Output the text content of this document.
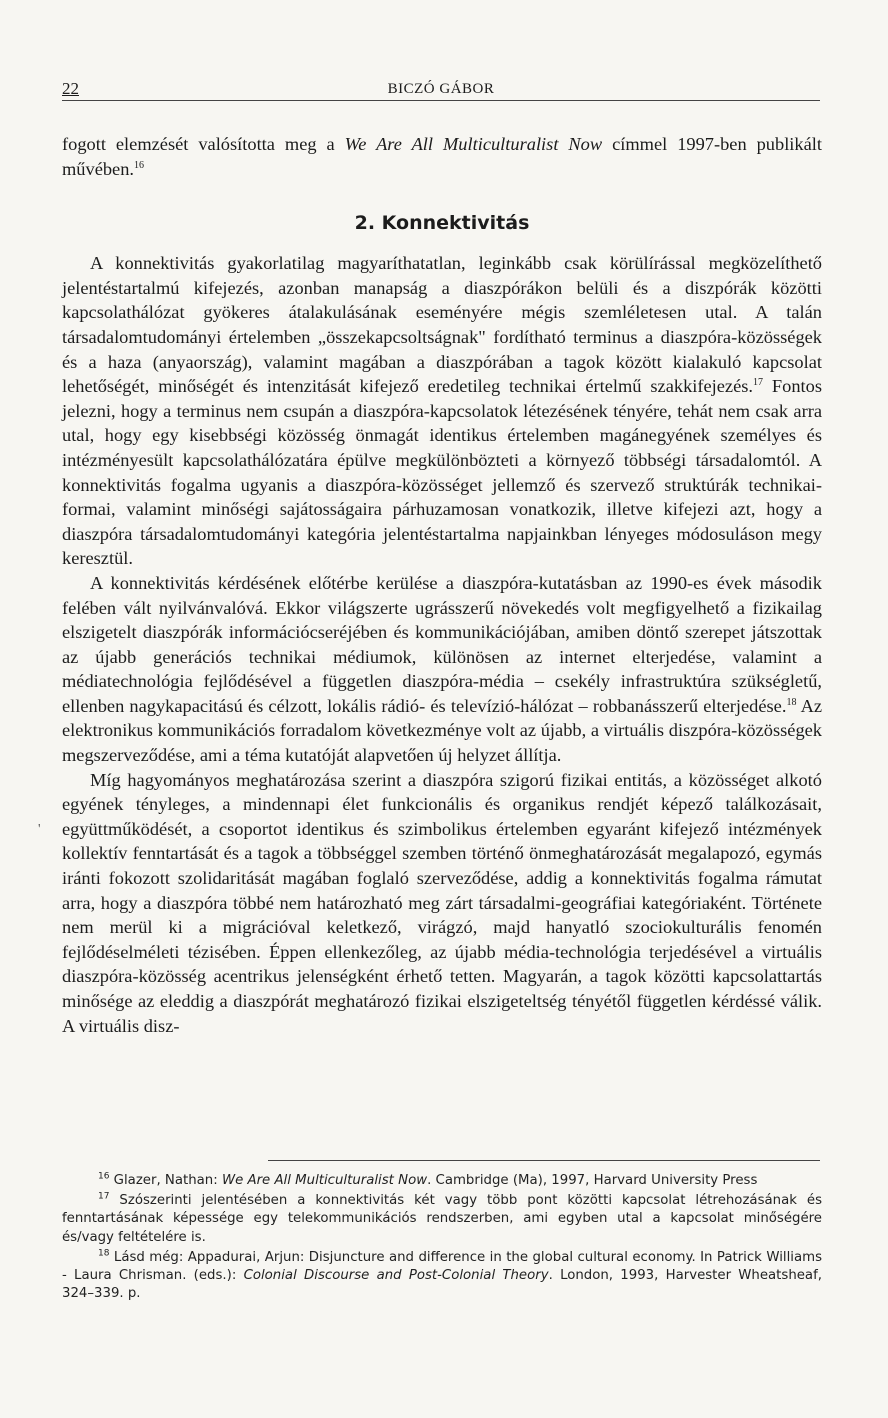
22	BICZÓ GÁBOR
'

fogott elemzését valósította meg a We Are All Multiculturalist Now címmel 1997-ben publikált művében.$^{16}$

2. Konnektivitás

A konnektivitás gyakorlatilag magyaríthatatlan, leginkább csak körülírással megközelíthető jelentéstartalmú kifejezés, azonban manapság a diaszpórákon belüli és a diszpórák közötti kapcsolathálózat gyökeres átalakulásának eseményére mégis szemléletesen utal. A talán társadalomtudományi értelemben „összekapcsoltságnak" fordítható terminus a diaszpóra-közösségek és a haza (anyaország), valamint magában a diaszpórában a tagok között kialakuló kapcsolat lehetőségét, minőségét és intenzitását kifejező eredetileg technikai értelmű szakkifejezés.$^{17}$ Fontos jelezni, hogy a terminus nem csupán a diaszpóra-kapcsolatok létezésének tényére, tehát nem csak arra utal, hogy egy kisebbségi közösség önmagát identikus értelemben magánegyének személyes és intézményesült kapcsolathálózatára épülve megkülönbözteti a környező többségi társadalomtól. A konnektivitás fogalma ugyanis a diaszpóra-közösséget jellemző és szervező struktúrák technikai-formai, valamint minőségi sajátosságaira párhuzamosan vonatkozik, illetve kifejezi azt, hogy a diaszpóra társadalomtudományi kategória jelentéstartalma napjainkban lényeges módosuláson megy keresztül.

A konnektivitás kérdésének előtérbe kerülése a diaszpóra-kutatásban az 1990-es évek második felében vált nyilvánvalóvá. Ekkor világszerte ugrásszerű növekedés volt megfigyelhető a fizikailag elszigetelt diaszpórák információcseréjében és kommunikációjában, amiben döntő szerepet játszottak az újabb generációs technikai médiumok, különösen az internet elterjedése, valamint a médiatechnológia fejlődésével a független diaszpóra-média – csekély infrastruktúra szükségletű, ellenben nagykapacitású és célzott, lokális rádió- és televízió-hálózat – robbanásszerű elterjedése.$^{18}$ Az elektronikus kommunikációs forradalom következménye volt az újabb, a virtuális diszpóra-közösségek megszerveződése, ami a téma kutatóját alapvetően új helyzet állítja.

Míg hagyományos meghatározása szerint a diaszpóra szigorú fizikai entitás, a közösséget alkotó egyének tényleges, a mindennapi élet funkcionális és organikus rendjét képező találkozásait, együttműködését, a csoportot identikus és szimbolikus értelemben egyaránt kifejező intézmények kollektív fenntartását és a tagok a többséggel szemben történő önmeghatározását megalapozó, egymás iránti fokozott szolidaritását magában foglaló szerveződése, addig a konnektivitás fogalma rámutat arra, hogy a diaszpóra többé nem határozható meg zárt társadalmi-geográfiai kategóriaként. Története nem merül ki a migrációval keletkező, virágzó, majd hanyatló szociokulturális fenomén fejlődéselméleti tézisében. Éppen ellenkezőleg, az újabb média-technológia terjedésével a virtuális diaszpóra-közösség acentrikus jelenségként érhető tetten. Magyarán, a tagok közötti kapcsolattartás minősége az eleddig a diaszpórát meghatározó fizikai elszigeteltség tényétől független kérdéssé válik. A virtuális disz-

$^{16}$ Glazer, Nathan: We Are All Multiculturalist Now. Cambridge (Ma), 1997, Harvard University Press

$^{17}$ Szószerinti jelentésében a konnektivitás két vagy több pont közötti kapcsolat létrehozásának és fenntartásának képessége egy telekommunikációs rendszerben, ami egyben utal a kapcsolat minőségére és/vagy feltételére is.

$^{18}$ Lásd még: Appadurai, Arjun: Disjuncture and difference in the global cultural economy. In Patrick Williams - Laura Chrisman. (eds.): Colonial Discourse and Post-Colonial Theory. London, 1993, Harvester Wheatsheaf, 324–339. p.
